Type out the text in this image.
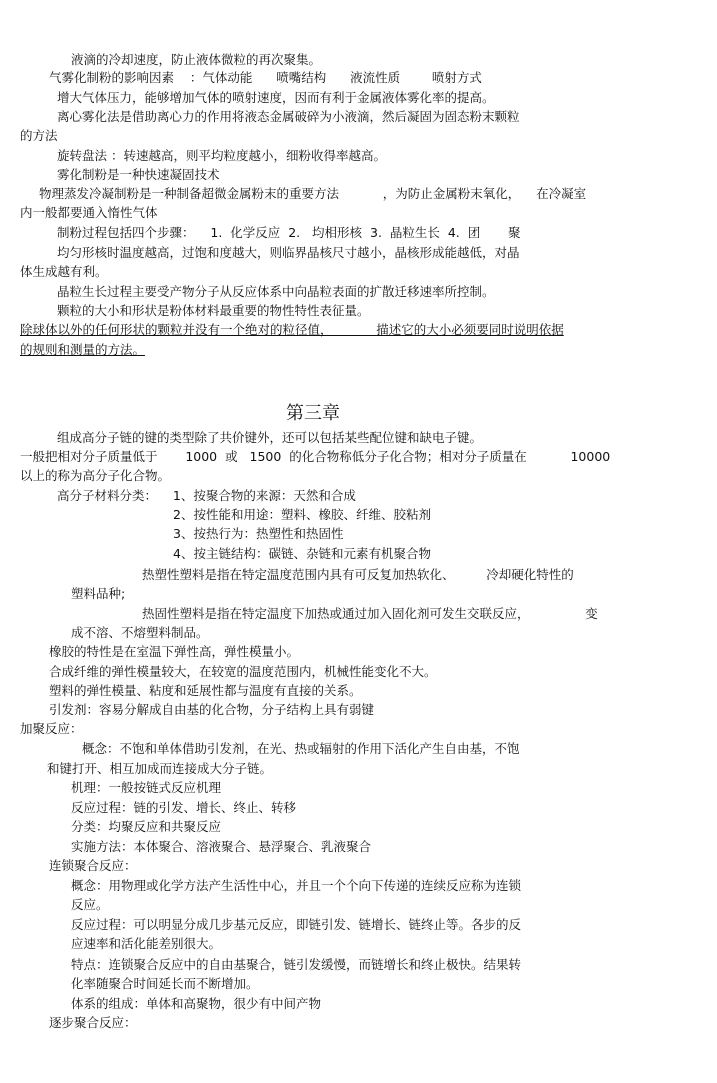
液滴的冷却速度，防止液体微粒的再次聚集。
气雾化制粉的影响因素    ：气体动能      喷嘴结构      液流性质        喷射方式
增大气体压力，能够增加气体的喷射速度，因而有利于金属液体雾化率的提高。
离心雾化法是借助离心力的作用将液态金属破碎为小液滴，然后凝固为固态粉末颗粒
的方法
旋转盘法 ：转速越高，则平均粒度越小，细粉收得率越高。
雾化制粉是一种快速凝固技术
物理蒸发冷凝制粉是一种制备超微金属粉末的重要方法           ，为防止金属粉末氧化，    在冷凝室
内一般都要通入惰性气体
制粉过程包括四个步骤：    1.  化学反应  2.   均相形核  3.  晶粒生长  4.  团       聚
均匀形核时温度越高，过饱和度越大，则临界晶核尺寸越小，晶核形成能越低，对晶
体生成越有利。
晶粒生长过程主要受产物分子从反应体系中向晶粒表面的扩散迁移速率所控制。
颗粒的大小和形状是粉体材料最重要的物性特性表征量。
除球体以外的任何形状的颗粒并没有一个绝对的粒径值，           描述它的大小必须要同时说明依据
的规则和测量的方法。
第三章
组成高分子链的键的类型除了共价键外，还可以包括某些配位键和缺电子键。
一般把相对分子质量低于       1000  或   1500  的化合物称低分子化合物；相对分子质量在           10000
以上的称为高分子化合物。
高分子材料分类：    1、按聚合物的来源：天然和合成
2、按性能和用途：塑料、橡胶、纤维、胶粘剂
3、按热行为：热塑性和热固性
4、按主链结构：碳链、杂链和元素有机聚合物
热塑性塑料是指在特定温度范围内具有可反复加热软化、        冷却硬化特性的
塑料品种;
热固性塑料是指在特定温度下加热或通过加入固化剂可发生交联反应，              变
成不溶、不熔塑料制品。
橡胶的特性是在室温下弹性高，弹性模量小。
合成纤维的弹性模量较大，在较宽的温度范围内，机械性能变化不大。
塑料的弹性模量、粘度和延展性都与温度有直接的关系。
引发剂：容易分解成自由基的化合物，分子结构上具有弱键
加聚反应：
概念：不饱和单体借助引发剂，在光、热或辐射的作用下活化产生自由基，不饱
和键打开、相互加成而连接成大分子链。
机理：一般按链式反应机理
反应过程：链的引发、增长、终止、转移
分类：均聚反应和共聚反应
实施方法：本体聚合、溶液聚合、悬浮聚合、乳液聚合
连锁聚合反应：
概念：用物理或化学方法产生活性中心，并且一个个向下传递的连续反应称为连锁
反应。
反应过程：可以明显分成几步基元反应，即链引发、链增长、链终止等。各步的反
应速率和活化能差别很大。
特点：连锁聚合反应中的自由基聚合，链引发缓慢，而链增长和终止极快。结果转
化率随聚合时间延长而不断增加。
体系的组成：单体和高聚物，很少有中间产物
逐步聚合反应：
